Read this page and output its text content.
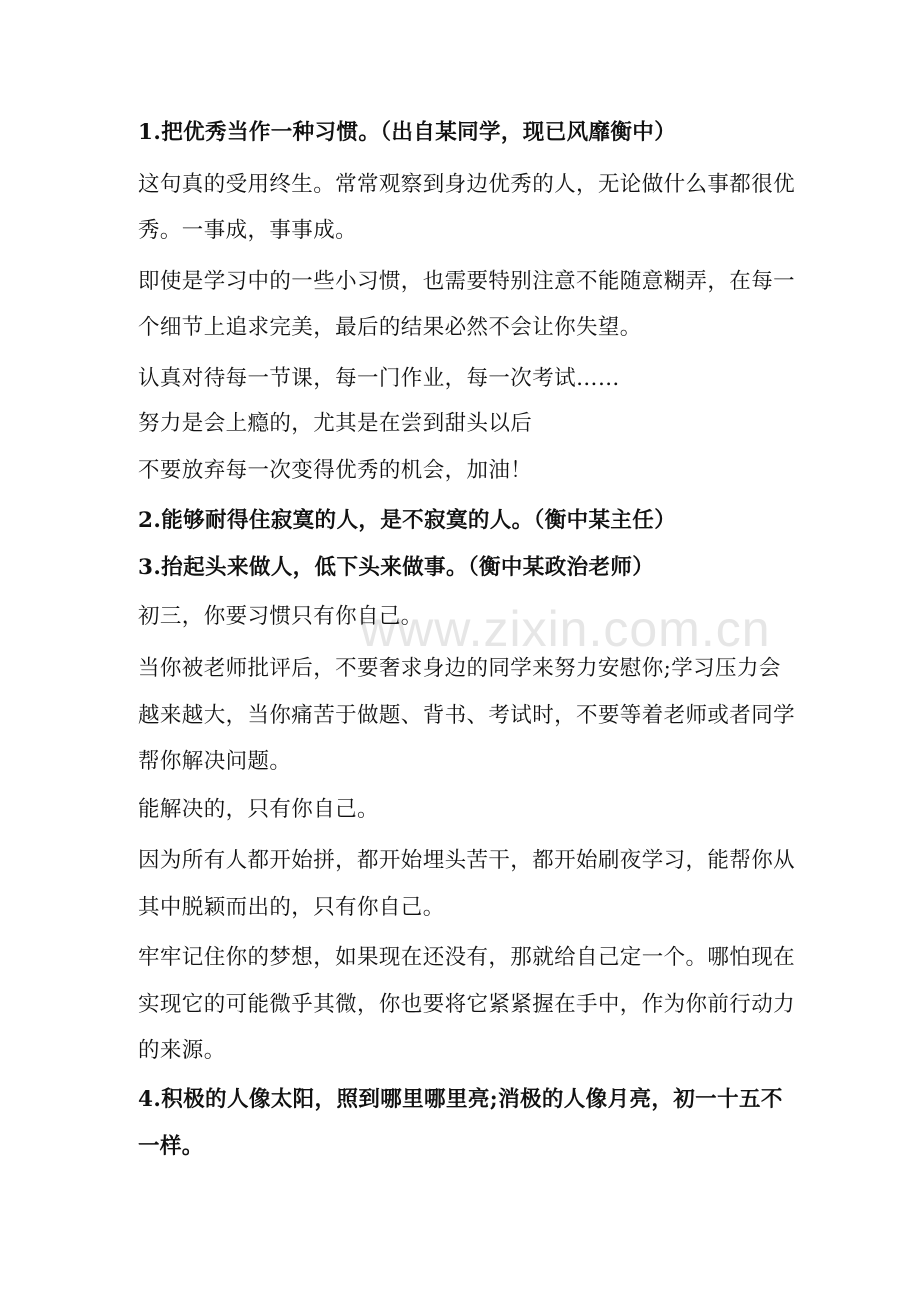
www.zixin.com.cn
1.把优秀当作一种习惯。（出自某同学，现已风靡衡中）
这句真的受用终生。常常观察到身边优秀的人，无论做什么事都很优
秀。一事成，事事成。
即使是学习中的一些小习惯，也需要特别注意不能随意糊弄，在每一
个细节上追求完美，最后的结果必然不会让你失望。
认真对待每一节课，每一门作业，每一次考试……
努力是会上瘾的，尤其是在尝到甜头以后
不要放弃每一次变得优秀的机会，加油！
2.能够耐得住寂寞的人，是不寂寞的人。（衡中某主任）
3.抬起头来做人，低下头来做事。（衡中某政治老师）
初三，你要习惯只有你自己。
当你被老师批评后，不要奢求身边的同学来努力安慰你;学习压力会
越来越大，当你痛苦于做题、背书、考试时，不要等着老师或者同学
帮你解决问题。
能解决的，只有你自己。
因为所有人都开始拼，都开始埋头苦干，都开始刷夜学习，能帮你从
其中脱颖而出的，只有你自己。
牢牢记住你的梦想，如果现在还没有，那就给自己定一个。哪怕现在
实现它的可能微乎其微，你也要将它紧紧握在手中，作为你前行动力
的来源。
4.积极的人像太阳，照到哪里哪里亮;消极的人像月亮，初一十五不
一样。
